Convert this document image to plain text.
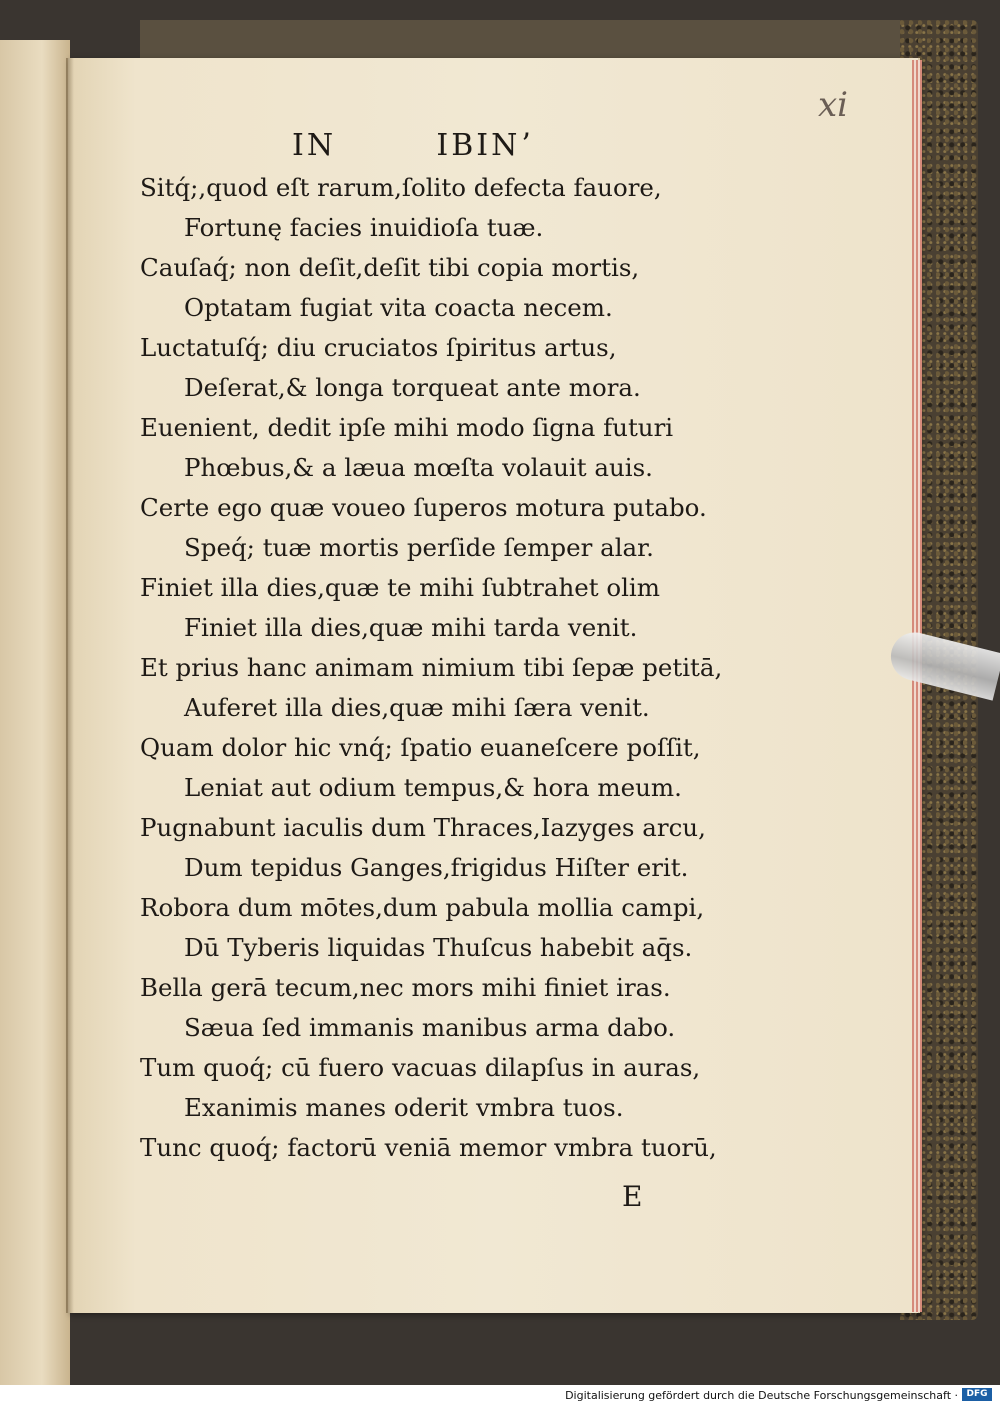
xi
IN        IBINʼ
Sitq́;,quod eſt rarum,ſolito defecta fauore,
Fortunę facies inuidioſa tuæ.
Cauſaq́; non deſit,deſit tibi copia mortis,
Optatam fugiat vita coacta necem.
Luctatuſq́; diu cruciatos ſpiritus artus,
Deſerat,& longa torqueat ante mora.
Euenient, dedit ipſe mihi modo ſigna futuri
Phœbus,& a læua mœſta volauit auis.
Certe ego quæ voueo ſuperos motura putabo.
Speq́; tuæ mortis perſide ſemper alar.
Finiet illa dies,quæ te mihi ſubtrahet olim
Finiet illa dies,quæ mihi tarda venit.
Et prius hanc animam nimium tibi ſepæ petitā,
Auferet illa dies,quæ mihi ſæra venit.
Quam dolor hic vnq́; ſpatio euaneſcere poſſit,
Leniat aut odium tempus,& hora meum.
Pugnabunt iaculis dum Thraces,Iazyges arcu,
Dum tepidus Ganges,frigidus Hiſter erit.
Robora dum mōtes,dum pabula mollia campi,
Dū Tyberis liquidas Thuſcus habebit aq̄s.
Bella gerā tecum,nec mors mihi finiet iras.
Sæua ſed immanis manibus arma dabo.
Tum quoq́; cū fuero vacuas dilapſus in auras,
Exanimis manes oderit vmbra tuos.
Tunc quoq́; factorū veniā memor vmbra tuorū,
E
Digitalisierung gefördert durch die Deutsche Forschungsgemeinschaft · DFG
